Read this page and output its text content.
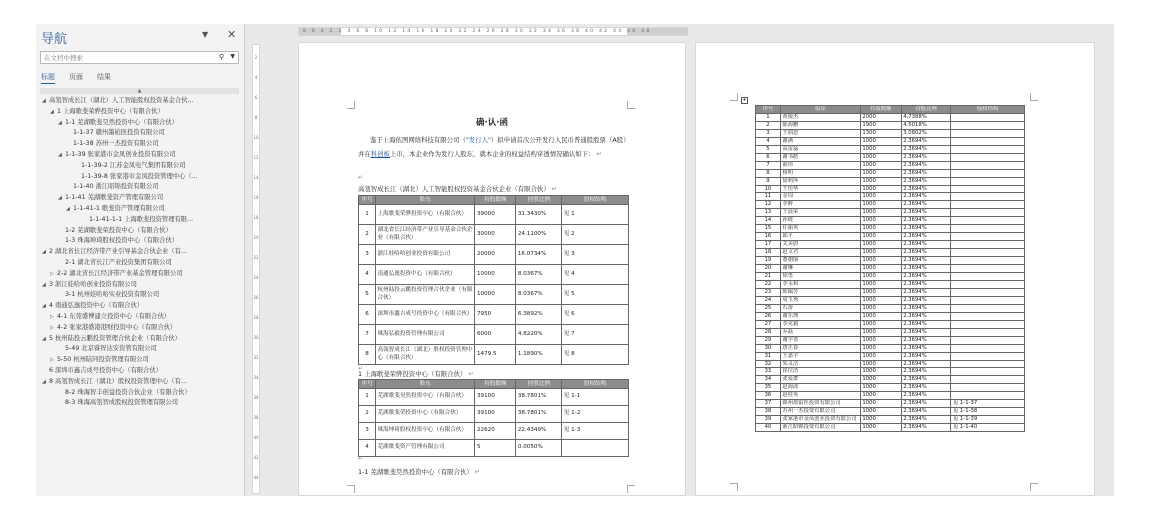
导航	▼ ✕
在文档中搜索	⚲ ▼
标题 页面 结果
▲
◢ 高瓴智成长江（湖北）人工智能股权投资基金合伙...
◢ 1 上海歌斐荣骅投资中心（有限合伙）
◢ 1-1 芜湖歌斐昊然投资中心（有限合伙）
1-1-37 赣州墨铂医投资有限公司
1-1-38 苏州一杰投资有限公司
◢ 1-1-39 张家港市金凤创业投资有限公司
1-1-39-2 江苏金凤电气集团有限公司
1-1-39-8 张家港市金凤投资管理中心（...
1-1-40 浙江昭锦投资有限公司
◢ 1-1-41 芜湖歌斐资产管理有限公司
◢ 1-1-41-1 歌斐资产管理有限公司
1-1-41-1-1 上海歌斐投资管理有限...
1-2 芜湖歌斐荣投资中心（有限合伙）
1-3 珠海坤琦股权投资中心（有限合伙）
◢ 2 湖北省长江经济带产业引导基金合伙企业（有...
2-1 湖北省长江产业投资集团有限公司
▷ 2-2 湖北省长江经济带产业基金管理有限公司
◢ 3 浙江娃哈哈创业投资有限公司
3-1 杭州娃哈哈实业投资有限公司
◢ 4 南通弘逸投资中心（有限合伙）
▷ 4-1 东莞盛博建立投资中心（有限合伙）
▷ 4-2 张家港盛港港财投资中心（有限合伙）
◢ 5 杭州陆投云鹏投资管理合伙企业（有限合伙）
5-49 北京睿智达安资管有限公司
▷ 5-50 杭州陆同投资管理有限公司
6 深圳市鑫吉成号投资中心（有限合伙）
◢ 8 高瓴智成长江（湖北）股权投资管理中心（有...
8-2 珠海智丰创益投资合伙企业（有限合伙）
8-3 珠海高瓴智成股权投资管理有限公司
2
4
6
8
10
12
14
16
18
20
22
24
26
28
30
32
34
36
38
40
42
44
8 6 4 2 2 4 6 8 10 12 14 16 18 20 22 24 26 28 30 32 34 36 38 40 42 44 46 48
确·认·函
鉴于上海依图网络科技有限公司（"发行人"）拟申请首次公开发行人民币普通股股票（A股）并在科创板上市，本企业作为发行人股东，就本企业的权益结构穿透情况确认如下： ↵
↵
高瓴智成长江（湖北）人工智能股权投资基金合伙企业（有限合伙） ↵
序号	股东	持股数额	持股比例	股权结构
1	上海歌斐荣骅投资中心（有限合伙）	39000	31.3430%	见 1
2	湖北省长江经济带产业引导基金合伙企业（有限合伙）	30000	24.1100%	见 2
3	浙江娃哈哈创业投资有限公司	20000	16.0734%	见 3
4	南通弘逸投资中心（有限合伙）	10000	8.0367%	见 4
5	杭州陆投云鹏投资管理合伙企业（有限合伙）	10000	8.0367%	见 5
6	深圳市鑫吉成号投资中心（有限合伙）	7950	6.3892%	见 6
7	珠海弘毅投资管理有限公司	6000	4.8220%	见 7
8	高瓴智成长江（湖北）股权投资管理中心（有限合伙）	1479.5	1.1890%	见 8
↵
1 上海歌斐荣骅投资中心（有限合伙） ↵
序号	股东	持股数额	持股比例	股权结构
1	芜湖歌斐昊然投资中心（有限合伙）	39100	38.7801%	见 1-1
2	芜湖歌斐荣投资中心（有限合伙）	39100	38.7801%	见 1-2
3	珠海坤琦股权投资中心（有限合伙）	22620	22.4349%	见 1-3
4	芜湖歌斐资产管理有限公司	5	0.0050%	
↵
1-1 芜湖歌斐昊然投资中心（有限合伙） ↵
+
序号	股东	持股数额	持股比例	股权结构
1	黄俊杰	2000	4.7388%	
2	陈海鹏	1900	4.5018%	
3	王润恩	1300	3.0802%	
4	谢满	1000	2.3694%	
5	高雷磊	1000	2.3694%	
6	谢书皓	1000	2.3694%	
7	俞伟	1000	2.3694%	
8	杨明	1000	2.3694%	
9	徐莉萍	1000	2.3694%	
10	王恒华	1000	2.3694%	
11	金周	1000	2.3694%	
12	李鲜	1000	2.3694%	
13	王晨荣	1000	2.3694%	
14	孙琏	1000	2.3694%	
15	任丽英	1000	2.3694%	
16	邱平	1000	2.3694%	
17	艾美蔚	1000	2.3694%	
18	赵文君	1000	2.3694%	
19	董朝丽	1000	2.3694%	
20	谢琳	1000	2.3694%	
21	徐勇	1000	2.3694%	
22	李永和	1000	2.3694%	
23	陈佩芳	1000	2.3694%	
24	周玉秀	1000	2.3694%	
25	石涛	1000	2.3694%	
26	谢乐理	1000	2.3694%	
27	李克毅	1000	2.3694%	
28	乔磊	1000	2.3694%	
29	谢学善	1000	2.3694%	
30	唐正春	1000	2.3694%	
31	王嘉宇	1000	2.3694%	
32	朱灵洁	1000	2.3694%	
33	崔位浩	1000	2.3694%	
34	张爱群	1000	2.3694%	
35	赵海波	1000	2.3694%	
36	赵桂英	1000	2.3694%	
37	赣州墨铂医投资有限公司	1000	2.3694%	见 1-1-37
38	苏州一杰投资有限公司	1000	2.3694%	见 1-1-38
39	张家港市金凤创业投资有限公司	1000	2.3694%	见 1-1-39
40	浙江昭锦投资有限公司	1000	2.3694%	见 1-1-40
